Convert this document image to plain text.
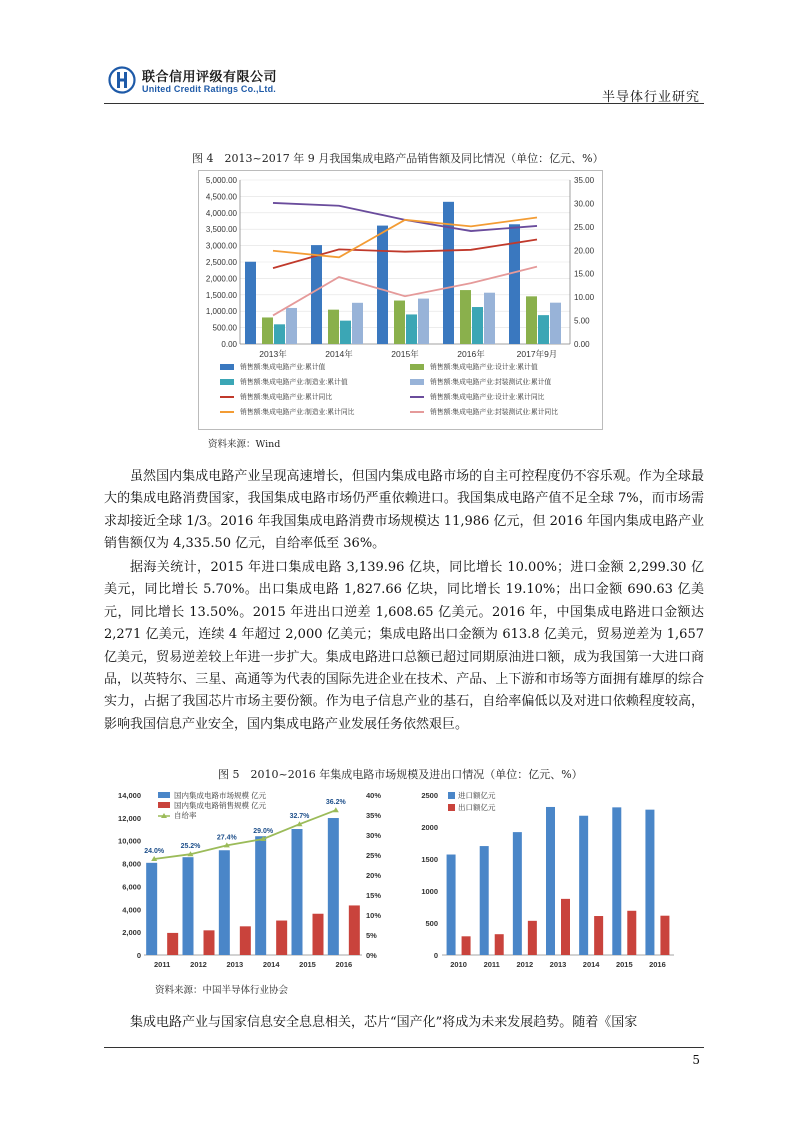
联合信用评级有限公司
United Credit Ratings Co.,Ltd.
半导体行业研究
图 4　2013~2017 年 9 月我国集成电路产品销售额及同比情况（单位：亿元、%）
0.00
500.00
1,000.00
1,500.00
2,000.00
2,500.00
3,000.00
3,500.00
4,000.00
4,500.00
5,000.00
0.00
5.00
10.00
15.00
20.00
25.00
30.00
35.00
2013年	2014年	2015年	2016年	2017年9月
销售额:集成电路产业:累计值	销售额:集成电路产业:设计业:累计值
销售额:集成电路产业:制造业:累计值	销售额:集成电路产业:封装测试业:累计值
销售额:集成电路产业:累计同比	销售额:集成电路产业:设计业:累计同比
销售额:集成电路产业:制造业:累计同比	销售额:集成电路产业:封装测试业:累计同比
资料来源：Wind

虽然国内集成电路产业呈现高速增长，但国内集成电路市场的自主可控程度仍不容乐观。作为全球最大的集成电路消费国家，我国集成电路市场仍严重依赖进口。我国集成电路产值不足全球 7%，而市场需求却接近全球 1/3。2016 年我国集成电路消费市场规模达 11,986 亿元，但 2016 年国内集成电路产业销售额仅为 4,335.50 亿元，自给率低至 36%。

据海关统计，2015 年进口集成电路 3,139.96 亿块，同比增长 10.00%；进口金额 2,299.30 亿美元，同比增长 5.70%。出口集成电路 1,827.66 亿块，同比增长 19.10%；出口金额 690.63 亿美元，同比增长 13.50%。2015 年进出口逆差 1,608.65 亿美元。2016 年，中国集成电路进口金额达 2,271 亿美元，连续 4 年超过 2,000 亿美元；集成电路出口金额为 613.8 亿美元，贸易逆差为 1,657 亿美元，贸易逆差较上年进一步扩大。集成电路进口总额已超过同期原油进口额，成为我国第一大进口商品，以英特尔、三星、高通等为代表的国际先进企业在技术、产品、上下游和市场等方面拥有雄厚的综合实力，占据了我国芯片市场主要份额。作为电子信息产业的基石，自给率偏低以及对进口依赖程度较高，影响我国信息产业安全，国内集成电路产业发展任务依然艰巨。

图 5　2010~2016 年集成电路市场规模及进出口情况（单位：亿元、%）
0
2,000
4,000
6,000
8,000
10,000
12,000
14,000
0%
5%
10%
15%
20%
25%
30%
35%
40%
2011	2012	2013	2014	2015	2016
24.0%
25.2%
27.4%
29.0%
32.7%
36.2%
国内集成电路市场规模 亿元
国内集成电路销售规模 亿元
自给率
0
500
1000
1500
2000
2500
2010 2011 2012 2013 2014 2015 2016
进口额亿元
出口额亿元
资料来源：中国半导体行业协会

集成电路产业与国家信息安全息息相关，芯片“国产化”将成为未来发展趋势。随着《国家

5
